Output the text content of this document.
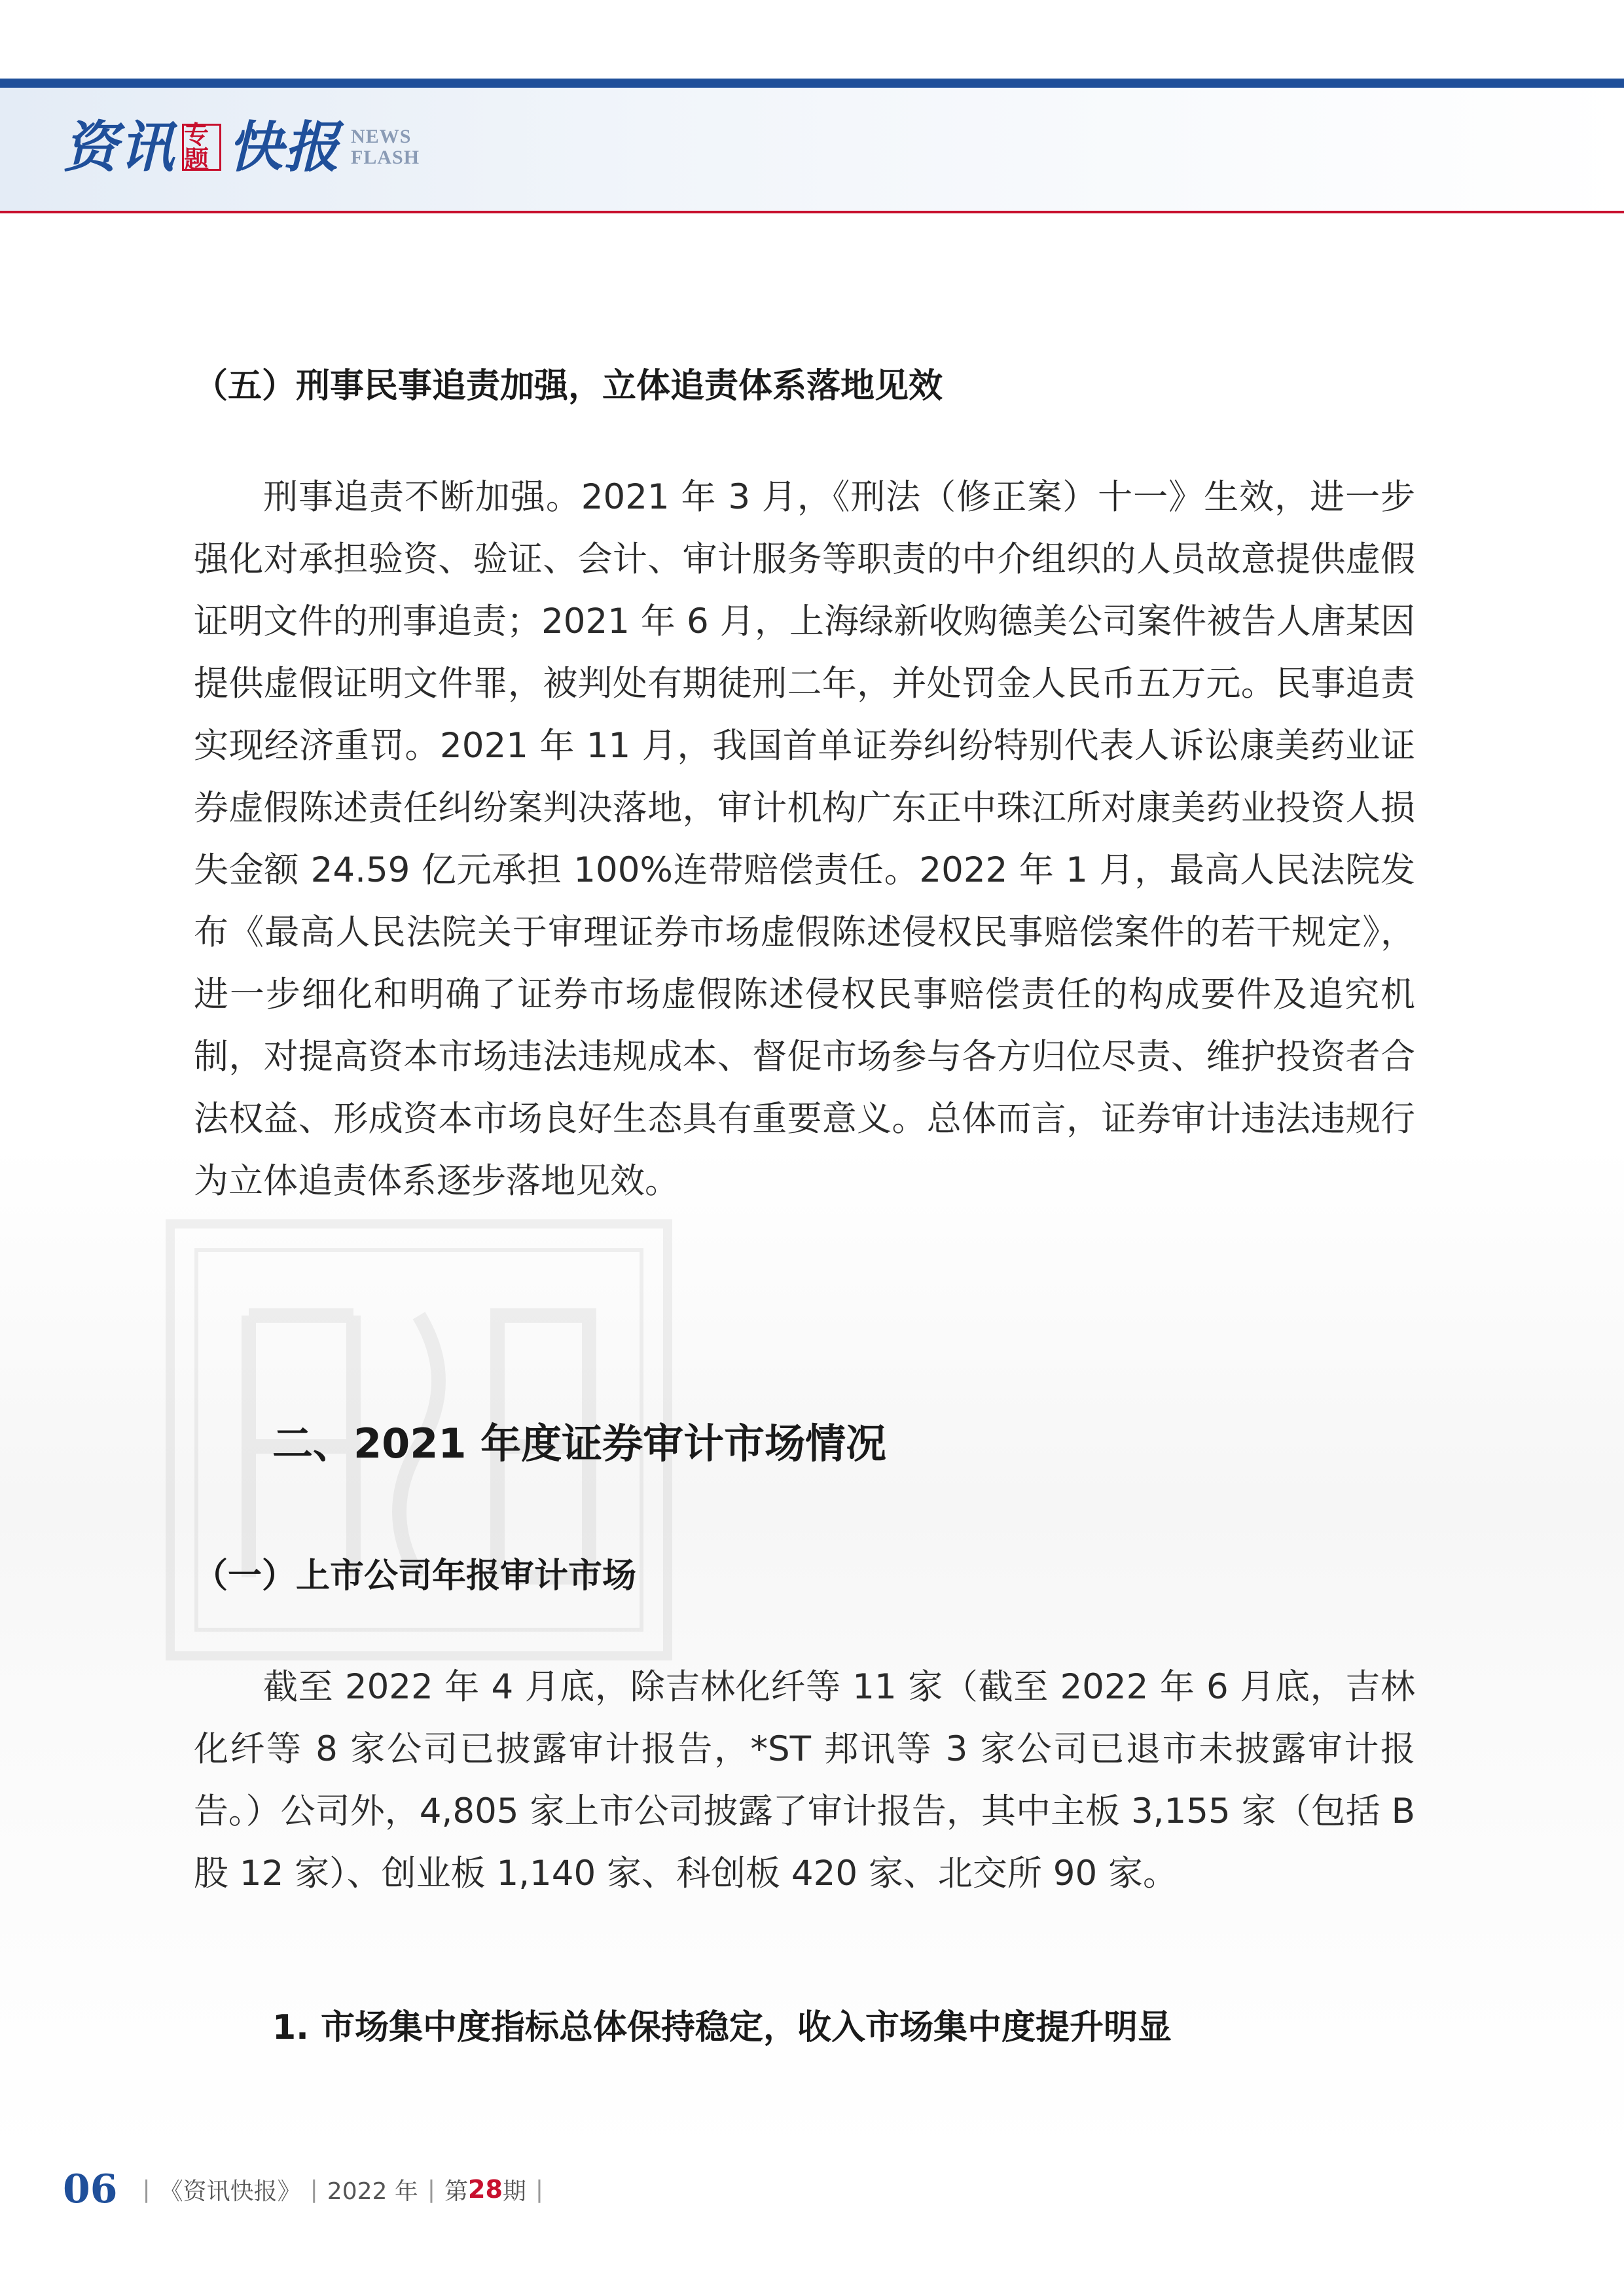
资讯 专题 快报 NEWS
FLASH
（五）刑事民事追责加强，立体追责体系落地见效

刑事追责不断加强。2021 年 3 月，《刑法（修正案）十一》生效，进一步强化对承担验资、验证、会计、审计服务等职责的中介组织的人员故意提供虚假证明文件的刑事追责；2021 年 6 月，上海绿新收购德美公司案件被告人唐某因提供虚假证明文件罪，被判处有期徒刑二年，并处罚金人民币五万元。民事追责实现经济重罚。2021 年 11 月，我国首单证券纠纷特别代表人诉讼康美药业证券虚假陈述责任纠纷案判决落地，审计机构广东正中珠江所对康美药业投资人损失金额 24.59 亿元承担 100%连带赔偿责任。2022 年 1 月，最高人民法院发布《最高人民法院关于审理证券市场虚假陈述侵权民事赔偿案件的若干规定》，进一步细化和明确了证券市场虚假陈述侵权民事赔偿责任的构成要件及追究机制，对提高资本市场违法违规成本、督促市场参与各方归位尽责、维护投资者合法权益、形成资本市场良好生态具有重要意义。总体而言，证券审计违法违规行为立体追责体系逐步落地见效。

二、2021 年度证券审计市场情况
（一）上市公司年报审计市场

截至 2022 年 4 月底，除吉林化纤等 11 家（截至 2022 年 6 月底，吉林化纤等 8 家公司已披露审计报告，*ST 邦讯等 3 家公司已退市未披露审计报告。）公司外，4,805 家上市公司披露了审计报告，其中主板 3,155 家（包括 B 股 12 家）、创业板 1,140 家、科创板 420 家、北交所 90 家。

1. 市场集中度指标总体保持稳定，收入市场集中度提升明显
06 | 《资讯快报》 | 2022 年 | 第 28 期 |
